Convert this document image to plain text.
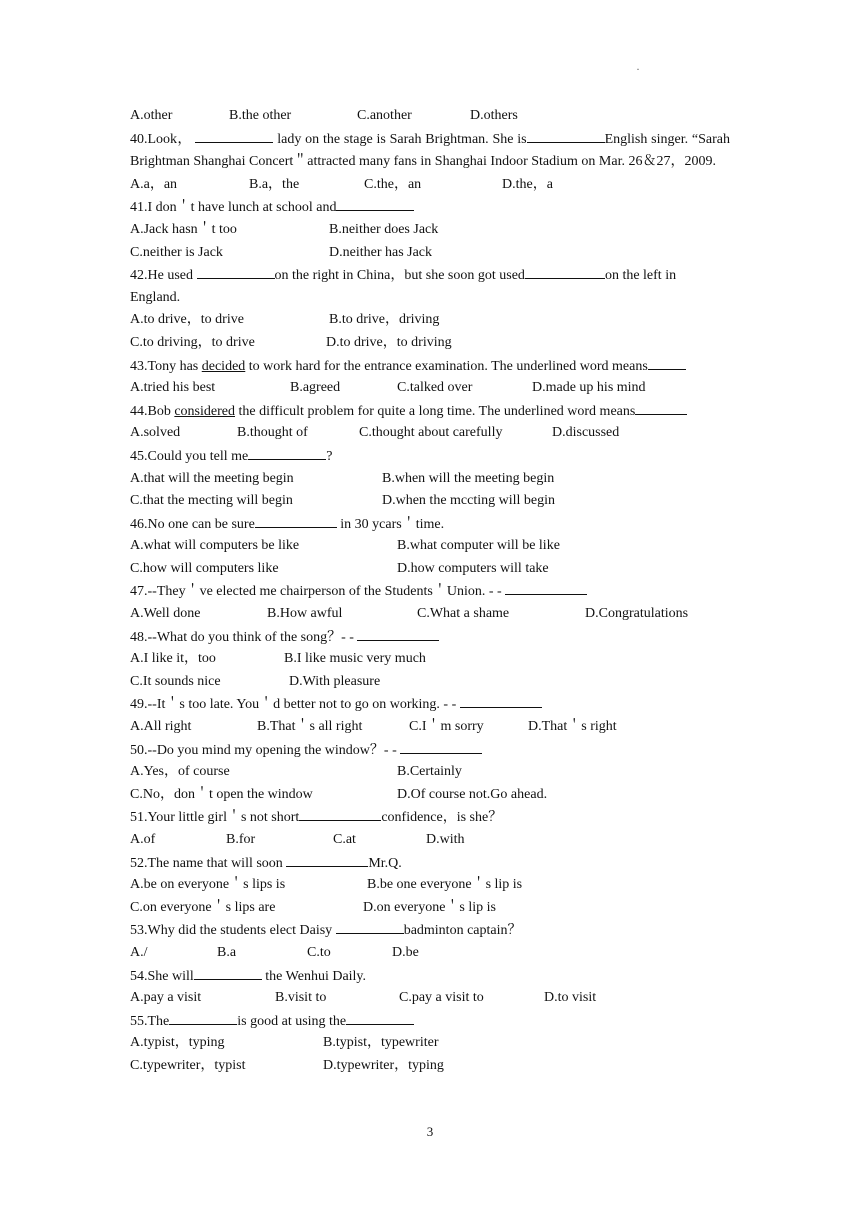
·
A.other	B.the other	C.another	D.others
40.Look，	lady on the stage is Sarah Brightman. She is	English singer. “Sarah Brightman Shanghai Concert＂attracted many fans in Shanghai Indoor Stadium on Mar. 26＆27，2009.
A.a，an	B.a，the	C.the，an	D.the，a
41.I don＇t have lunch at school and
A.Jack hasn＇t too	B.neither does Jack
C.neither is Jack	D.neither has Jack
42.He used	on the right in China，but she soon got used	on the left in
England.
A.to drive，to drive	B.to drive，driving
C.to driving，to drive	D.to drive，to driving
43.Tony has decided to work hard for the entrance examination. The underlined word means
A.tried his best	B.agreed	C.talked over	D.made up his mind
44.Bob considered the difficult problem for quite a long time. The underlined word means
A.solved	B.thought of	C.thought about carefully	D.discussed
45.Could you tell me	?
A.that will the meeting begin	B.when will the meeting begin
C.that the mecting will begin	D.when the mccting will begin
46.No one can be sure	in 30 ycars＇time.
A.what will computers be like	B.what computer will be like
C.how will computers like	D.how computers will take
47.--They＇ve elected me chairperson of the Students＇Union. - -
A.Well done	B.How awful	C.What a shame	D.Congratulations
48.--What do you think of the song？- -
A.I like it，too	B.I like music very much
C.It sounds nice	D.With pleasure
49.--It＇s too late. You＇d better not to go on working. - -
A.All right	B.That＇s all right	C.I＇m sorry	D.That＇s right
50.--Do you mind my opening the window？- -
A.Yes，of course	B.Certainly
C.No，don＇t open the window	D.Of course not.Go ahead.
51.Your little girl＇s not short	confidence，is she？
A.of	B.for	C.at	D.with
52.The name that will soon	Mr.Q.
A.be on everyone＇s lips is	B.be one everyone＇s lip is
C.on everyone＇s lips are	D.on everyone＇s lip is
53.Why did the students elect Daisy	badminton captain？
A./	B.a	C.to	D.be
54.She will	the Wenhui Daily.
A.pay a visit	B.visit to	C.pay a visit to	D.to visit
55.The	is good at using the
A.typist，typing	B.typist，typewriter
C.typewriter，typist	D.typewriter，typing
3
